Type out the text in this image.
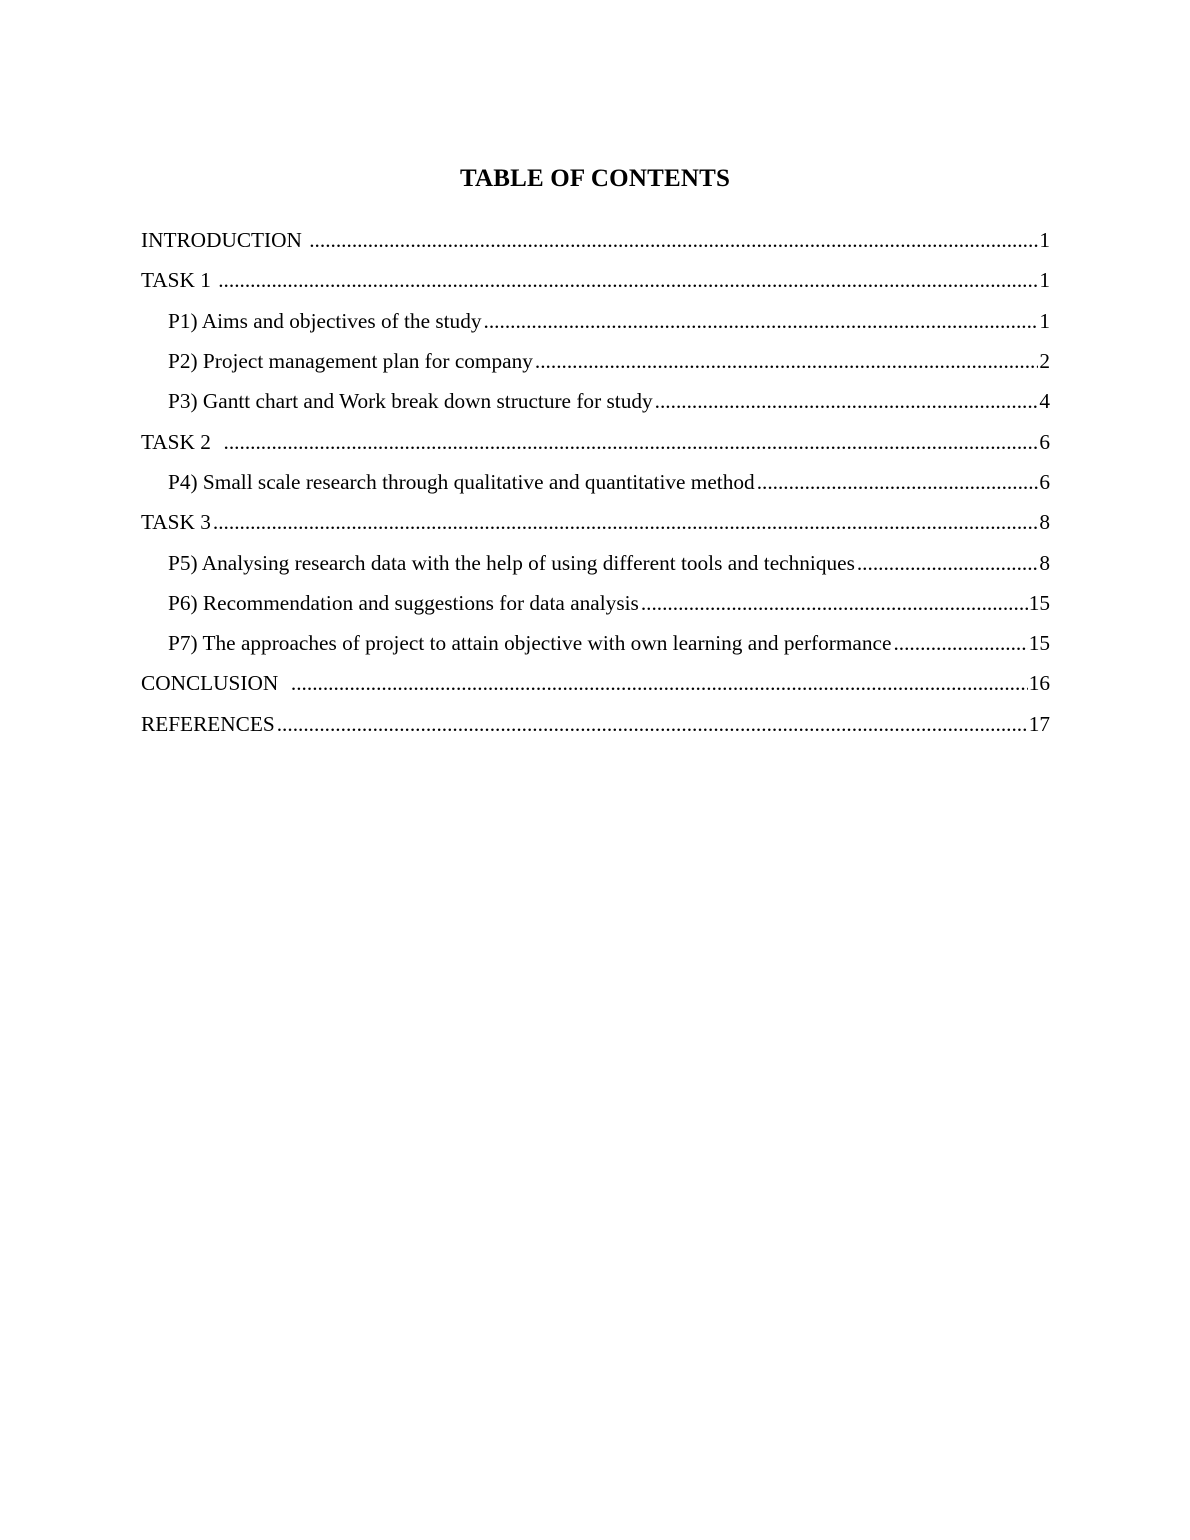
TABLE OF CONTENTS
INTRODUCTION .....	1
TASK 1 .....	1
P1) Aims and objectives of the study .....	1
P2) Project management plan for company .....	2
P3) Gantt chart and Work break down structure for study .....	4
TASK 2 .....	6
P4) Small scale research through qualitative and quantitative method .....	6
TASK 3 .....	8
P5) Analysing research data with the help of using different tools and techniques .....	8
P6) Recommendation and suggestions for data analysis .....	15
P7) The approaches of project to attain objective with own learning and performance .....	15
CONCLUSION .....	16
REFERENCES .....	17
